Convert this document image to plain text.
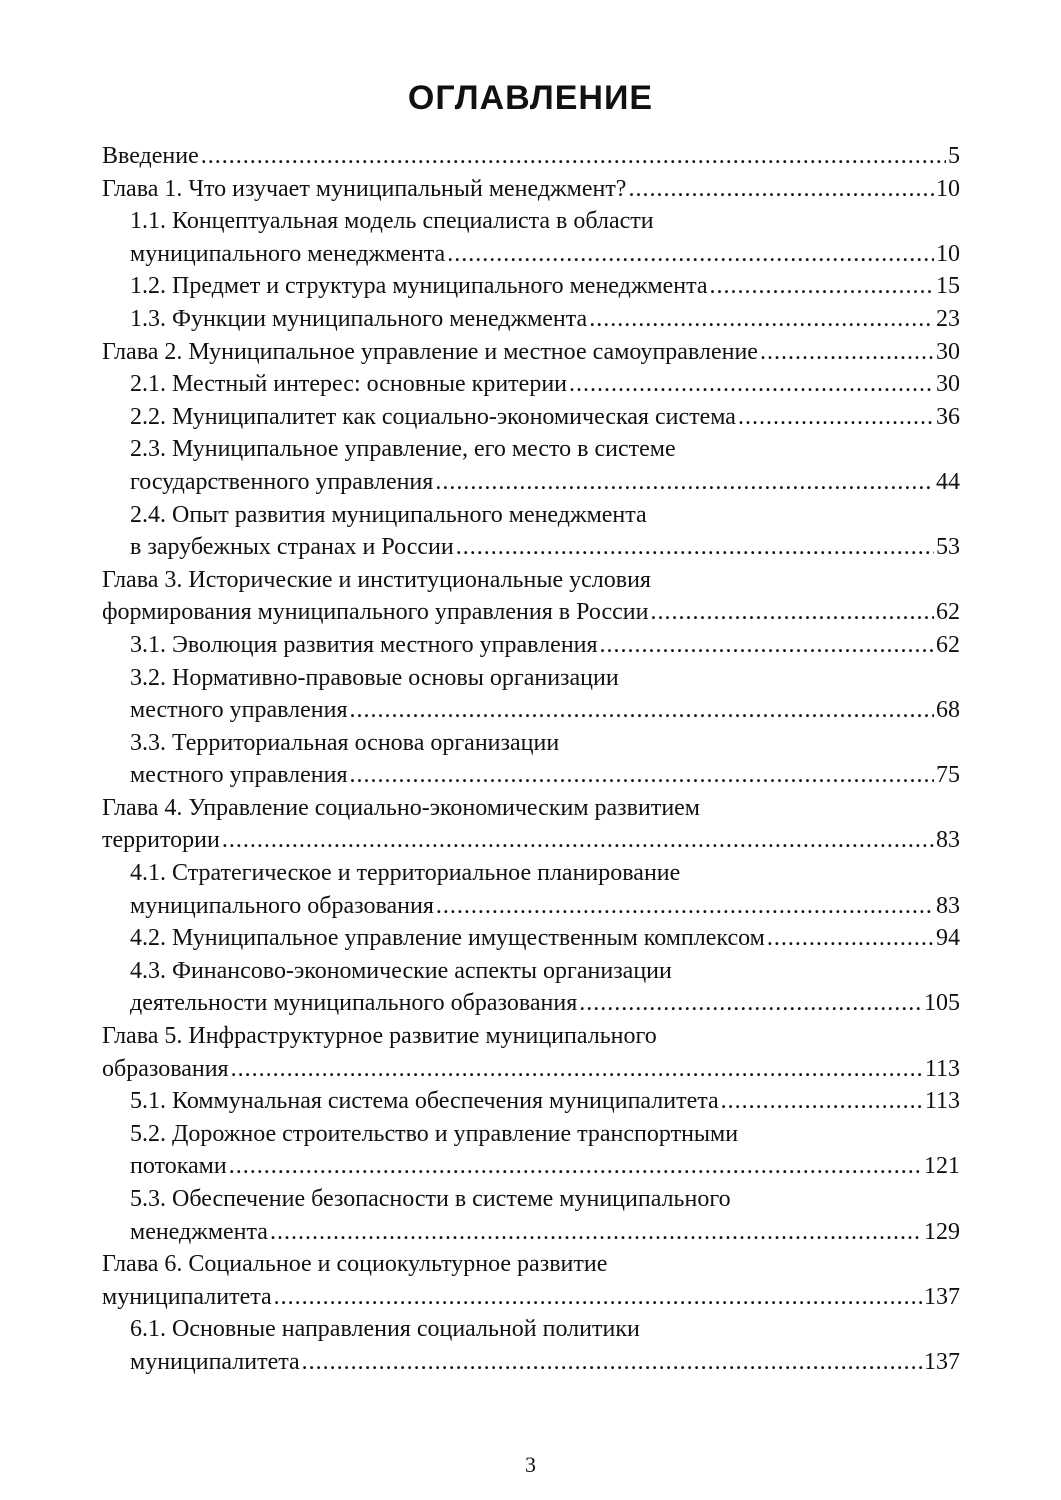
ОГЛАВЛЕНИЕ
Введение .....	5
Глава 1. Что изучает муниципальный менеджмент? .....	10
1.1. Концептуальная модель специалиста в области
муниципального менеджмента .....	10
1.2. Предмет и структура муниципального менеджмента .....	15
1.3. Функции муниципального менеджмента .....	23
Глава 2. Муниципальное управление и местное самоуправление .....	30
2.1. Местный интерес: основные критерии .....	30
2.2. Муниципалитет как социально-экономическая система .....	36
2.3. Муниципальное управление, его место в системе
государственного управления .....	44
2.4. Опыт развития муниципального менеджмента
в зарубежных странах и России .....	53
Глава 3. Исторические и институциональные условия
формирования муниципального управления в России .....	62
3.1. Эволюция развития местного управления .....	62
3.2. Нормативно-правовые основы организации
местного управления .....	68
3.3. Территориальная основа организации
местного управления .....	75
Глава 4. Управление социально-экономическим развитием
территории .....	83
4.1. Стратегическое и территориальное планирование
муниципального образования .....	83
4.2. Муниципальное управление имущественным комплексом .....	94
4.3. Финансово-экономические аспекты организации
деятельности муниципального образования .....	105
Глава 5. Инфраструктурное развитие муниципального
образования .....	113
5.1. Коммунальная система обеспечения муниципалитета .....	113
5.2. Дорожное строительство и управление транспортными
потоками .....	121
5.3. Обеспечение безопасности в системе муниципального
менеджмента .....	129
Глава 6. Социальное и социокультурное развитие
муниципалитета .....	137
6.1. Основные направления социальной политики
муниципалитета .....	137
3
